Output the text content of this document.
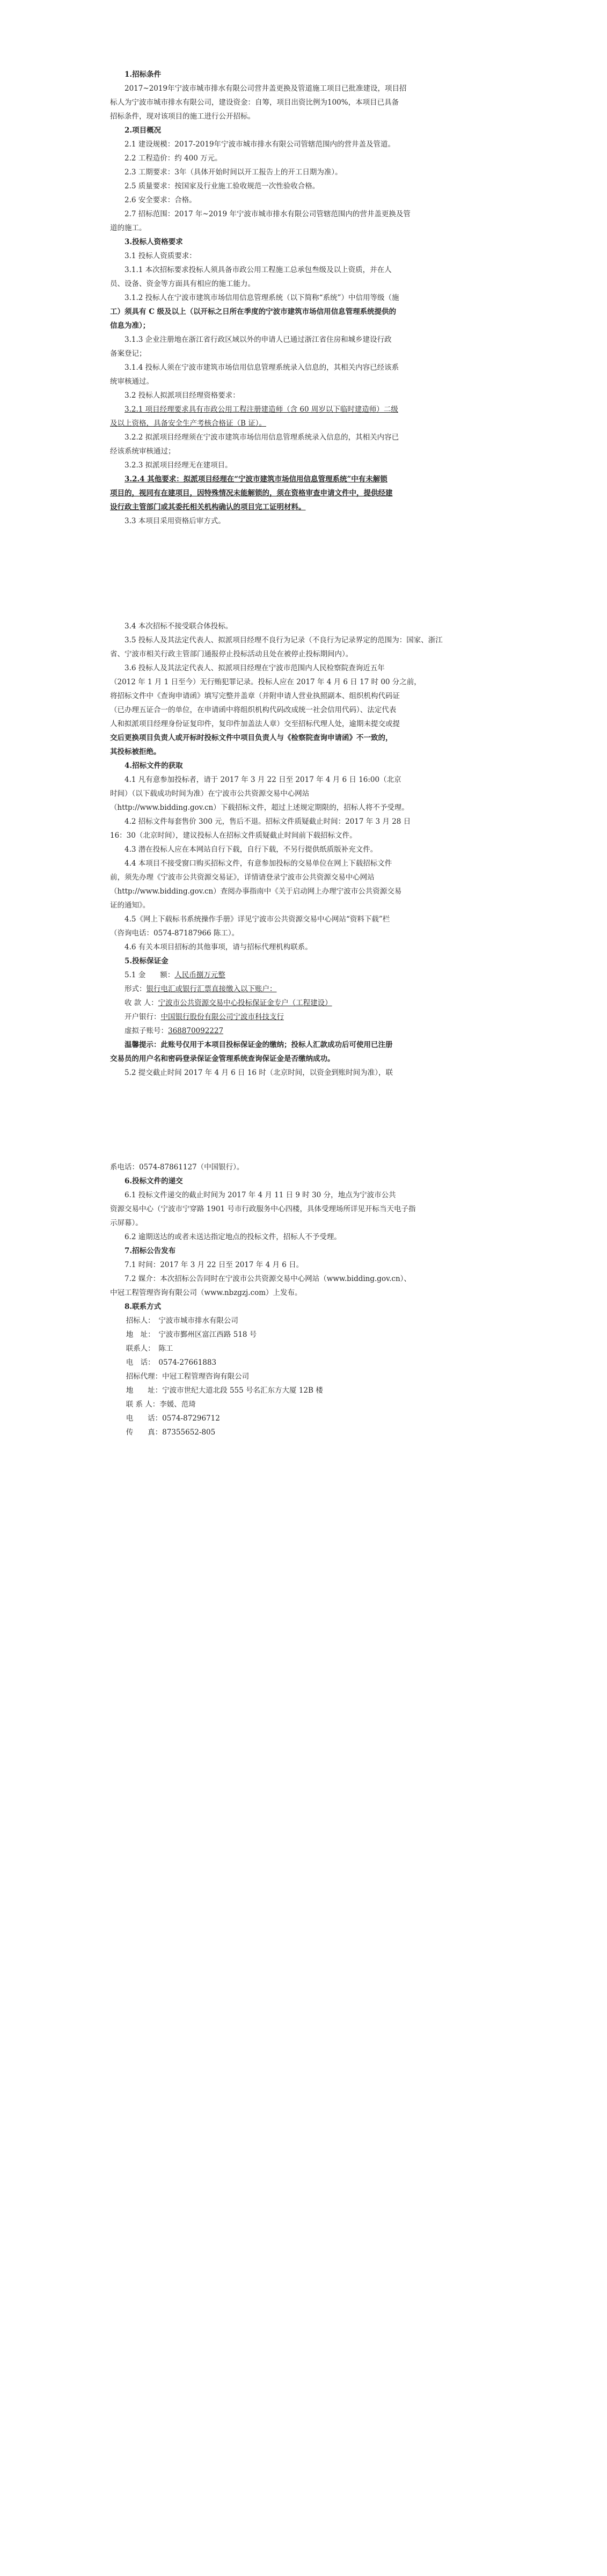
1.招标条件

2017~2019年宁波市城市排水有限公司营井盖更换及管道施工项目已批准建设，项目招

标人为宁波市城市排水有限公司，建设资金：自筹，项目出资比例为100%，本项目已具备

招标条件，现对该项目的施工进行公开招标。

2.项目概况

2.1 建设规模：2017-2019年宁波市城市排水有限公司管辖范围内的营井盖及管道。

2.2 工程造价：约 400 万元。

2.3 工期要求：3年（具体开始时间以开工报告上的开工日期为准）。

2.5 质量要求：按国家及行业施工验收规范一次性验收合格。

2.6 安全要求：合格。

2.7 招标范围：2017 年~2019 年宁波市城市排水有限公司管辖范围内的营井盖更换及管

道的施工。

3.投标人资格要求

3.1 投标人资质要求：

3.1.1 本次招标要求投标人须具备市政公用工程施工总承包叁级及以上资质，并在人

员、设备、资金等方面具有相应的施工能力。

3.1.2 投标人在宁波市建筑市场信用信息管理系统（以下简称“系统”）中信用等级（施

工）须具有 C 级及以上（以开标之日所在季度的宁波市建筑市场信用信息管理系统提供的

信息为准）；

3.1.3 企业注册地在浙江省行政区域以外的申请人已通过浙江省住房和城乡建设行政

备案登记；

3.1.4 投标人须在宁波市建筑市场信用信息管理系统录入信息的，其相关内容已经该系

统审核通过。

3.2 投标人拟派项目经理资格要求：

3.2.1 项目经理要求具有市政公用工程注册建造师（含 60 周岁以下临时建造师）二级

及以上资格，具备安全生产考核合格证（B 证）。

3.2.2 拟派项目经理须在宁波市建筑市场信用信息管理系统录入信息的，其相关内容已

经该系统审核通过；

3.2.3 拟派项目经理无在建项目。

3.2.4 其他要求：拟派项目经理在“宁波市建筑市场信用信息管理系统”中有未解锁

项目的，视同有在建项目，因特殊情况未能解锁的，须在资格审查申请文件中，提供经建

设行政主管部门或其委托相关机构确认的项目完工证明材料。

3.3 本项目采用资格后审方式。

3.4 本次招标不接受联合体投标。

3.5 投标人及其法定代表人、拟派项目经理不良行为记录（不良行为记录界定的范围为：国家、浙江

省、宁波市相关行政主管部门通报停止投标活动且处在被停止投标期间内）。

3.6 投标人及其法定代表人、拟派项目经理在宁波市范围内人民检察院查询近五年

（2012 年 1 月 1 日至今）无行贿犯罪记录。投标人应在 2017 年 4 月 6 日 17 时 00 分之前，

将招标文件中《查询申请函》填写完整并盖章（并附申请人营业执照副本、组织机构代码证

（已办理五证合一的单位，在申请函中将组织机构代码改成统一社会信用代码）、法定代表

人和拟派项目经理身份证复印件，复印件加盖法人章）交至招标代理人处，逾期未提交或提

交后更换项目负责人或开标时投标文件中项目负责人与《检察院查询申请函》不一致的，

其投标被拒绝。

4.招标文件的获取

4.1 凡有意参加投标者，请于 2017 年 3 月 22 日至 2017 年 4 月 6 日 16:00（北京

时间）（以下载成功时间为准）在宁波市公共资源交易中心网站

（http://www.bidding.gov.cn）下载招标文件，超过上述规定期限的，招标人将不予受理。

4.2 招标文件每套售价 300 元，售后不退。招标文件质疑截止时间：2017 年 3 月 28 日

16：30（北京时间），建议投标人在招标文件质疑截止时间前下载招标文件。

4.3 潜在投标人应在本网站自行下载，自行下载，不另行提供纸质版补充文件。

4.4 本项目不接受窗口购买招标文件，有意参加投标的交易单位在网上下载招标文件

前，须先办理《宁波市公共资源交易证》，详情请登录宁波市公共资源交易中心网站

（http://www.bidding.gov.cn）查阅办事指南中《关于启动网上办理宁波市公共资源交易

证的通知》。

4.5《网上下载标书系统操作手册》详见宁波市公共资源交易中心网站“资料下载”栏

（咨询电话：0574-87187966 陈工）。

4.6 有关本项目招标的其他事项，请与招标代理机构联系。

5.投标保证金

5.1 金　　额：人民币捌万元整

形式：银行电汇或银行汇票直接缴入以下账户：

收 款 人：宁波市公共资源交易中心投标保证金专户（工程建设）

开户银行：中国银行股份有限公司宁波市科技支行

虚拟子账号：368870092227

温馨提示：此账号仅用于本项目投标保证金的缴纳；投标人汇款成功后可使用已注册

交易员的用户名和密码登录保证金管理系统查询保证金是否缴纳成功。

5.2 提交截止时间 2017 年 4 月 6 日 16 时（北京时间，以资金到账时间为准），联

系电话：0574-87861127（中国银行）。

6.投标文件的递交

6.1 投标文件递交的截止时间为 2017 年 4 月 11 日 9 时 30 分，地点为宁波市公共

资源交易中心（宁波市宁穿路 1901 号市行政服务中心四楼，具体受理场所详见开标当天电子指

示屏幕）。

6.2 逾期送达的或者未送达指定地点的投标文件，招标人不予受理。

7.招标公告发布

7.1 时间：2017 年 3 月 22 日至 2017 年 4 月 6 日。

7.2 媒介：本次招标公告同时在宁波市公共资源交易中心网站（www.bidding.gov.cn）、

中冠工程管理咨询有限公司（www.nbzgzj.com）上发布。

8.联系方式

招标人：　宁波市城市排水有限公司

地　址：　宁波市鄞州区富江西路 518 号

联系人：　陈工

电　话：　0574-27661883

招标代理：中冠工程管理咨询有限公司

地　　址：宁波市世纪大道北段 555 号名汇东方大厦 12B 楼

联 系 人：李媛、范琦

电　　话：0574-87296712

传　　真：87355652-805
